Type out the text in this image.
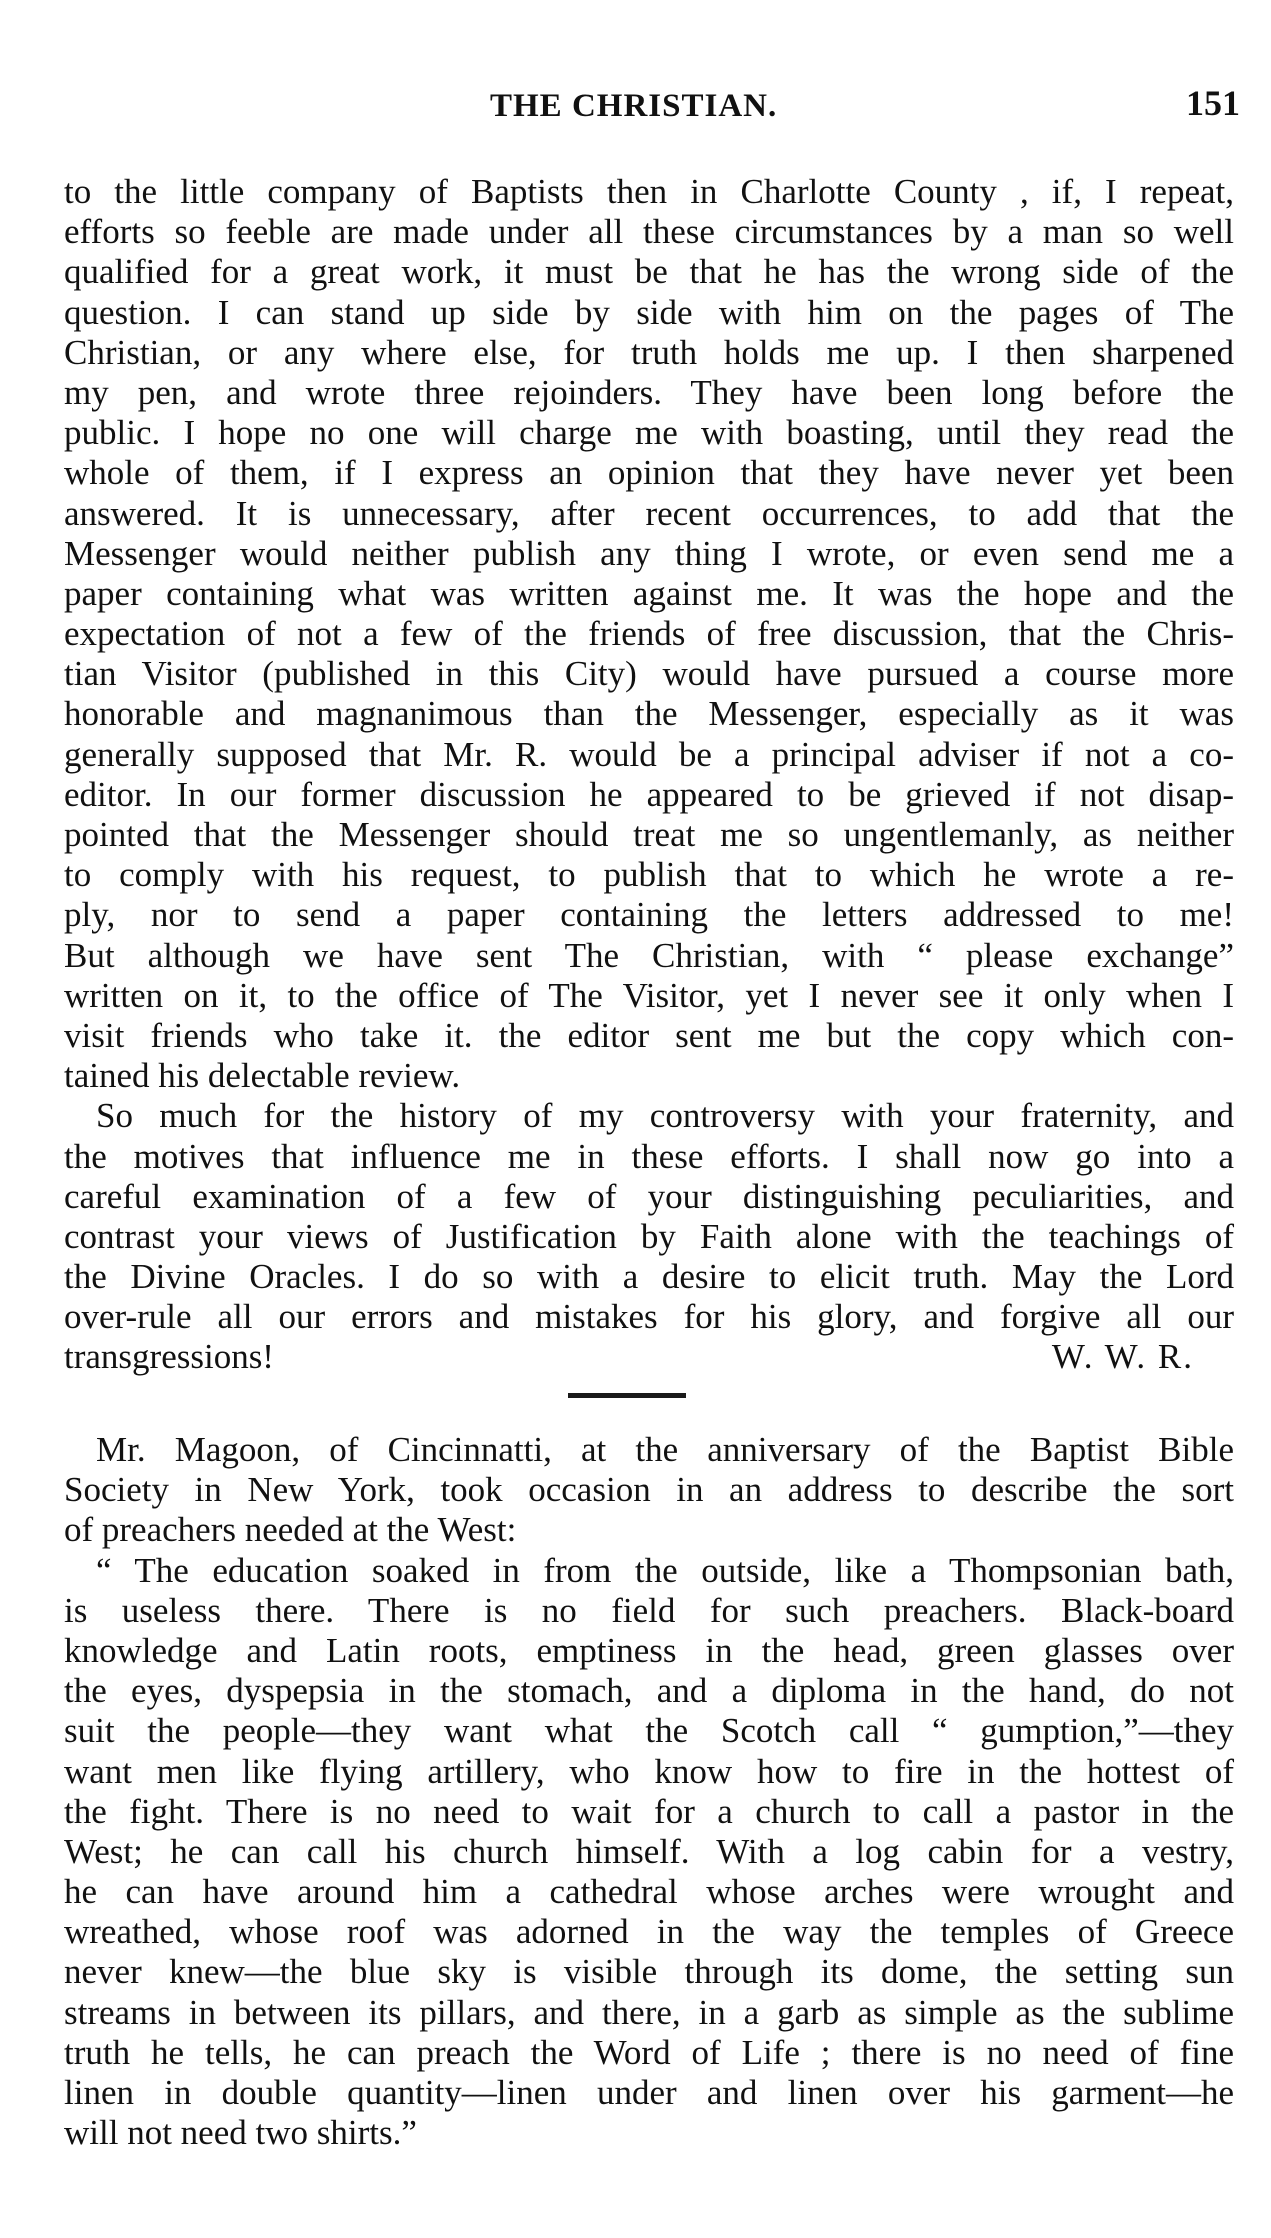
THE CHRISTIAN.	151
to the little company of Baptists then in Charlotte County , if, I repeat,
efforts so feeble are made under all these circumstances by a man so well
qualified for a great work, it must be that he has the wrong side of the
question. I can stand up side by side with him on the pages of The
Christian, or any where else, for truth holds me up. I then sharpened
my pen, and wrote three rejoinders. They have been long before the
public. I hope no one will charge me with boasting, until they read the
whole of them, if I express an opinion that they have never yet been
answered. It is unnecessary, after recent occurrences, to add that the
Messenger would neither publish any thing I wrote, or even send me a
paper containing what was written against me. It was the hope and the
expectation of not a few of the friends of free discussion, that the Chris-
tian Visitor (published in this City) would have pursued a course more
honorable and magnanimous than the Messenger, especially as it was
generally supposed that Mr. R. would be a principal adviser if not a co-
editor. In our former discussion he appeared to be grieved if not disap-
pointed that the Messenger should treat me so ungentlemanly, as neither
to comply with his request, to publish that to which he wrote a re-
ply, nor to send a paper containing the letters addressed to me!
But although we have sent The Christian, with “ please exchange”
written on it, to the office of The Visitor, yet I never see it only when I
visit friends who take it. the editor sent me but the copy which con-
tained his delectable review.
So much for the history of my controversy with your fraternity, and
the motives that influence me in these efforts. I shall now go into a
careful examination of a few of your distinguishing peculiarities, and
contrast your views of Justification by Faith alone with the teachings of
the Divine Oracles. I do so with a desire to elicit truth. May the Lord
over-rule all our errors and mistakes for his glory, and forgive all our
transgressions!	W. W. R.
Mr. Magoon, of Cincinnatti, at the anniversary of the Baptist Bible
Society in New York, took occasion in an address to describe the sort
of preachers needed at the West:
“ The education soaked in from the outside, like a Thompsonian bath,
is useless there. There is no field for such preachers. Black-board
knowledge and Latin roots, emptiness in the head, green glasses over
the eyes, dyspepsia in the stomach, and a diploma in the hand, do not
suit the people—they want what the Scotch call “ gumption,”—they
want men like flying artillery, who know how to fire in the hottest of
the fight. There is no need to wait for a church to call a pastor in the
West; he can call his church himself. With a log cabin for a vestry,
he can have around him a cathedral whose arches were wrought and
wreathed, whose roof was adorned in the way the temples of Greece
never knew—the blue sky is visible through its dome, the setting sun
streams in between its pillars, and there, in a garb as simple as the sublime
truth he tells, he can preach the Word of Life ; there is no need of fine
linen in double quantity—linen under and linen over his garment—he
will not need two shirts.”
